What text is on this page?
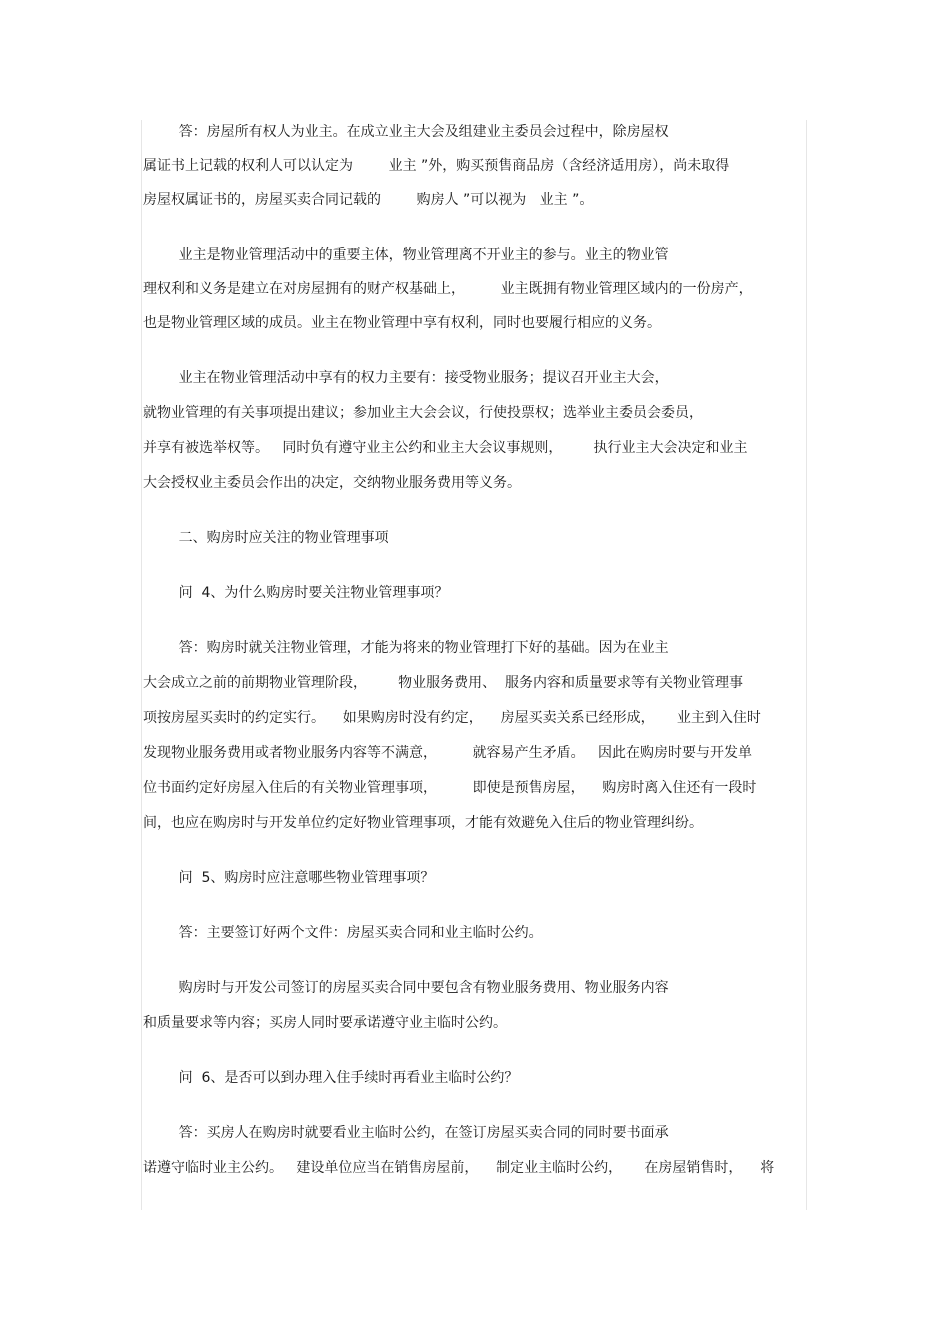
答：房屋所有权人为业主。在成立业主大会及组建业主委员会过程中，除房屋权
属证书上记载的权利人可以认定为        业主 ”外，购买预售商品房（含经济适用房），尚未取得
房屋权属证书的，房屋买卖合同记载的        购房人 ”可以视为   业主 ”。
业主是物业管理活动中的重要主体，物业管理离不开业主的参与。业主的物业管
理权利和义务是建立在对房屋拥有的财产权基础上，        业主既拥有物业管理区域内的一份房产，
也是物业管理区域的成员。业主在物业管理中享有权利，同时也要履行相应的义务。
业主在物业管理活动中享有的权力主要有：接受物业服务；提议召开业主大会，
就物业管理的有关事项提出建议；参加业主大会会议，行使投票权；选举业主委员会委员，
并享有被选举权等。   同时负有遵守业主公约和业主大会议事规则，       执行业主大会决定和业主
大会授权业主委员会作出的决定，交纳物业服务费用等义务。
二、购房时应关注的物业管理事项
问  4、为什么购房时要关注物业管理事项？
答：购房时就关注物业管理，才能为将来的物业管理打下好的基础。因为在业主
大会成立之前的前期物业管理阶段，       物业服务费用、  服务内容和质量要求等有关物业管理事
项按房屋买卖时的约定实行。    如果购房时没有约定，    房屋买卖关系已经形成，     业主到入住时
发现物业服务费用或者物业服务内容等不满意，        就容易产生矛盾。   因此在购房时要与开发单
位书面约定好房屋入住后的有关物业管理事项，        即使是预售房屋，    购房时离入住还有一段时
间，也应在购房时与开发单位约定好物业管理事项，才能有效避免入住后的物业管理纠纷。
问  5、购房时应注意哪些物业管理事项？
答：主要签订好两个文件：房屋买卖合同和业主临时公约。
购房时与开发公司签订的房屋买卖合同中要包含有物业服务费用、物业服务内容
和质量要求等内容；买房人同时要承诺遵守业主临时公约。
问  6、是否可以到办理入住手续时再看业主临时公约？
答：买房人在购房时就要看业主临时公约，在签订房屋买卖合同的同时要书面承
诺遵守临时业主公约。   建设单位应当在销售房屋前，    制定业主临时公约，     在房屋销售时，    将
